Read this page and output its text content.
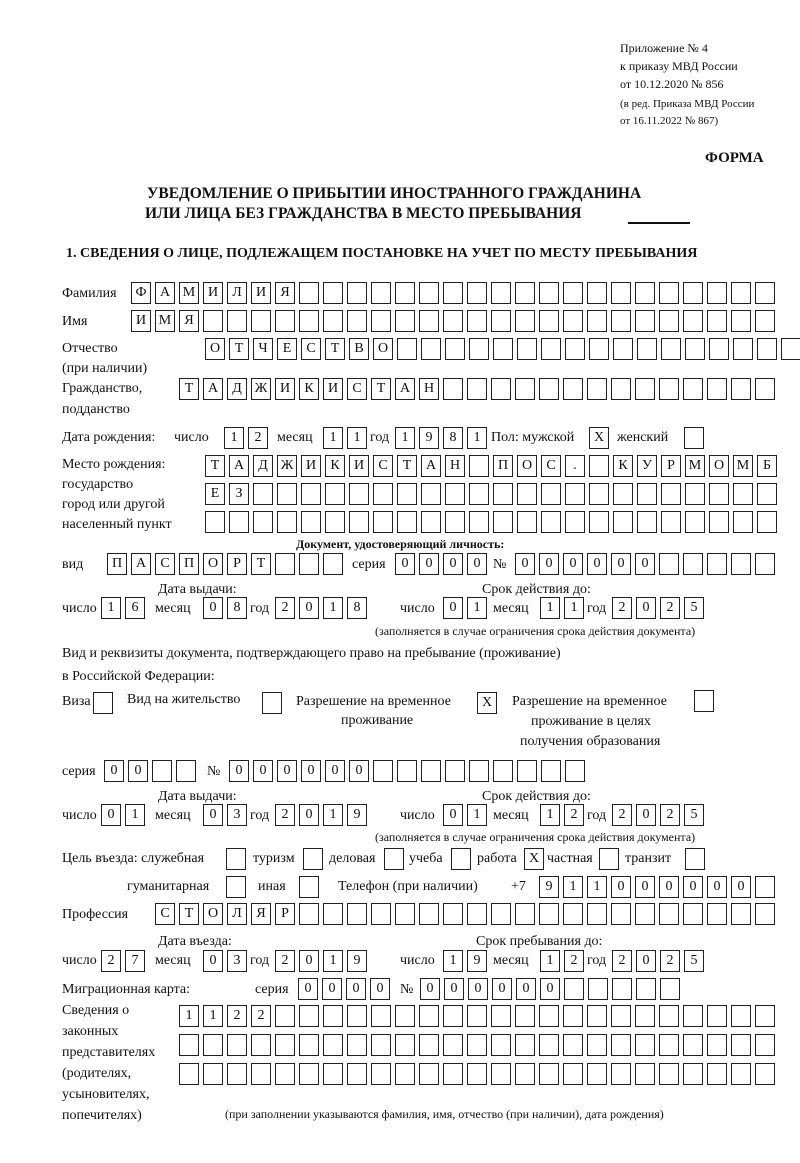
Приложение № 4
к приказу МВД России
от 10.12.2020 № 856
(в ред. Приказа МВД России
от 16.11.2022 № 867)
ФОРМА
УВЕДОМЛЕНИЕ О ПРИБЫТИИ ИНОСТРАННОГО ГРАЖДАНИНА
ИЛИ ЛИЦА БЕЗ ГРАЖДАНСТВА В МЕСТО ПРЕБЫВАНИЯ
1. СВЕДЕНИЯ О ЛИЦЕ, ПОДЛЕЖАЩЕМ ПОСТАНОВКЕ НА УЧЕТ ПО МЕСТУ ПРЕБЫВАНИЯ
Фамилия	Ф А М И	Л	И	Я
Имя	И М Я
Отчество
(при наличии)
О	Т	Ч	Е	С	Т	В	О
Гражданство,
подданство
Т	А	Д Ж И	К	И	С	Т	А Н
Дата рождения: число	1	2	месяц	1	1 год 1	9	8	1 Пол: мужской	X женский
Место рождения:
государство
город или другой
населенный пункт
Т	А	Д Ж И	К	И	С	Т	А Н	П О	С	.	К	У	Р М О М Б
Е	З
Документ, удостоверяющий личность:
вид	П А	С	П О	Р	Т	серия	0	0	0	0 №	0	0	0	0	0	0
Дата выдачи:	Срок действия до:
число 1	6	месяц	0	8 год 2	0	1	8	число	0	1 месяц	1	1 год 2	0	2	5
(заполняется в случае ограничения срока действия документа)
Вид и реквизиты документа, подтверждающего право на пребывание (проживание)
в Российской Федерации:
Виза	Вид на жительство	Разрешение на временное
проживание
X	Разрешение на временное
проживание в целях
получения образования
серия	0	0	№	0	0	0	0	0	0
Дата выдачи:	Срок действия до:
число 0	1	месяц	0	3 год 2	0	1	9	число	0	1 месяц	1	2 год 2	0	2	5
(заполняется в случае ограничения срока действия документа)
Цель въезда: служебная	туризм деловая учеба работа X частная транзит
гуманитарная	иная	Телефон (при наличии) +7	9	1	1	0	0	0	0	0	0
Профессия	С	Т	О	Л	Я	Р
Дата въезда:	Срок пребывания до:
число 2	7	месяц	0	3 год 2	0	1	9	число	1	9 месяц	1	2 год 2	0	2	5
Миграционная карта:	серия	0	0	0	0	№ 0	0	0	0	0	0
Сведения о
законных
представителях
(родителях,
усыновителях,
попечителях)
1	1	2	2
(при заполнении указываются фамилия, имя, отчество (при наличии), дата рождения)
